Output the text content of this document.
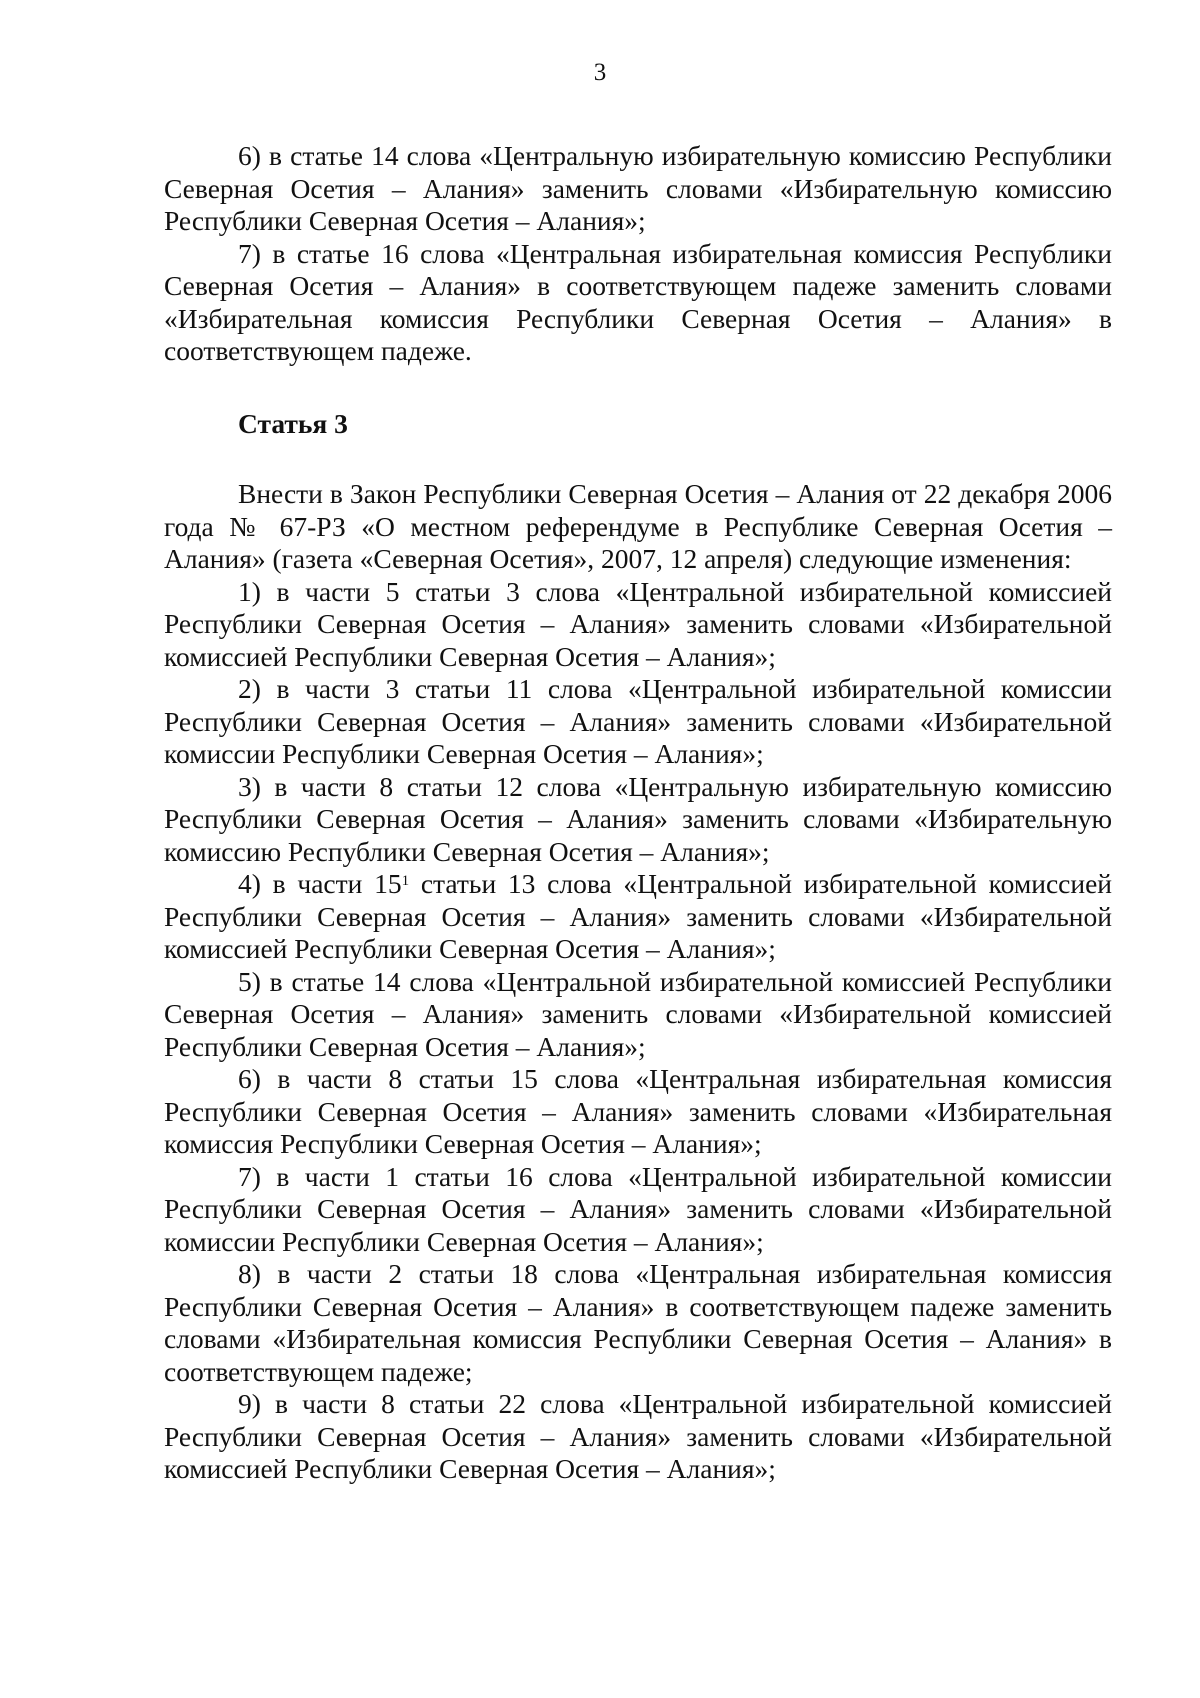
3

6) в статье 14 слова «Центральную избирательную комиссию Республики Северная Осетия – Алания» заменить словами «Избирательную комиссию Республики Северная Осетия – Алания»;

7) в статье 16 слова «Центральная избирательная комиссия Республики Северная Осетия – Алания» в соответствующем падеже заменить словами «Избирательная комиссия Республики Северная Осетия – Алания» в соответствующем падеже.

Статья 3

Внести в Закон Республики Северная Осетия – Алания от 22 декабря 2006 года № 67-РЗ «О местном референдуме в Республике Северная Осетия – Алания» (газета «Северная Осетия», 2007, 12 апреля) следующие изменения:

1) в части 5 статьи 3 слова «Центральной избирательной комиссией Республики Северная Осетия – Алания» заменить словами «Избирательной комиссией Республики Северная Осетия – Алания»;

2) в части 3 статьи 11 слова «Центральной избирательной комиссии Республики Северная Осетия – Алания» заменить словами «Избирательной комиссии Республики Северная Осетия – Алания»;

3) в части 8 статьи 12 слова «Центральную избирательную комиссию Республики Северная Осетия – Алания» заменить словами «Избирательную комиссию Республики Северная Осетия – Алания»;

4) в части $15^1$ статьи 13 слова «Центральной избирательной комиссией Республики Северная Осетия – Алания» заменить словами «Избирательной комиссией Республики Северная Осетия – Алания»;

5) в статье 14 слова «Центральной избирательной комиссией Республики Северная Осетия – Алания» заменить словами «Избирательной комиссией Республики Северная Осетия – Алания»;

6) в части 8 статьи 15 слова «Центральная избирательная комиссия Республики Северная Осетия – Алания» заменить словами «Избирательная комиссия Республики Северная Осетия – Алания»;

7) в части 1 статьи 16 слова «Центральной избирательной комиссии Республики Северная Осетия – Алания» заменить словами «Избирательной комиссии Республики Северная Осетия – Алания»;

8) в части 2 статьи 18 слова «Центральная избирательная комиссия Республики Северная Осетия – Алания» в соответствующем падеже заменить словами «Избирательная комиссия Республики Северная Осетия – Алания» в соответствующем падеже;

9) в части 8 статьи 22 слова «Центральной избирательной комиссией Республики Северная Осетия – Алания» заменить словами «Избирательной комиссией Республики Северная Осетия – Алания»;
